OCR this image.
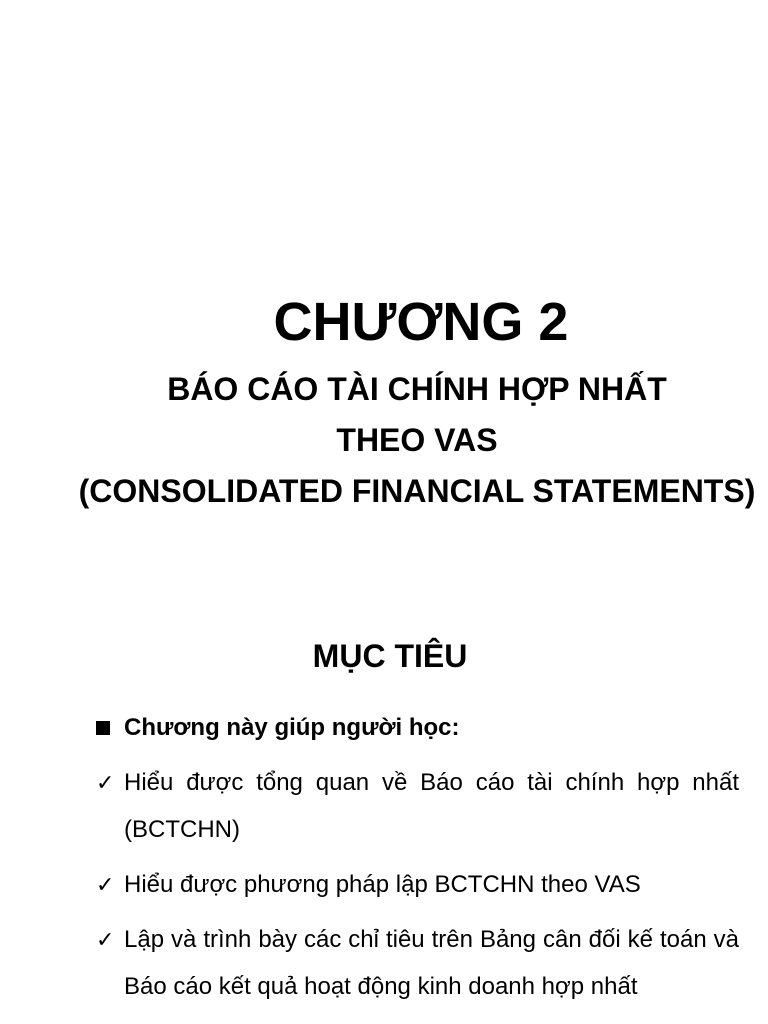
CHƯƠNG 2
BÁO CÁO TÀI CHÍNH HỢP NHẤT
THEO VAS
(CONSOLIDATED FINANCIAL STATEMENTS)
MỤC TIÊU
Chương này giúp người học:
✓ Hiểu được tổng quan về Báo cáo tài chính hợp nhất (BCTCHN)
✓ Hiểu được phương pháp lập BCTCHN theo VAS
✓ Lập và trình bày các chỉ tiêu trên Bảng cân đối kế toán và Báo cáo kết quả hoạt động kinh doanh hợp nhất
